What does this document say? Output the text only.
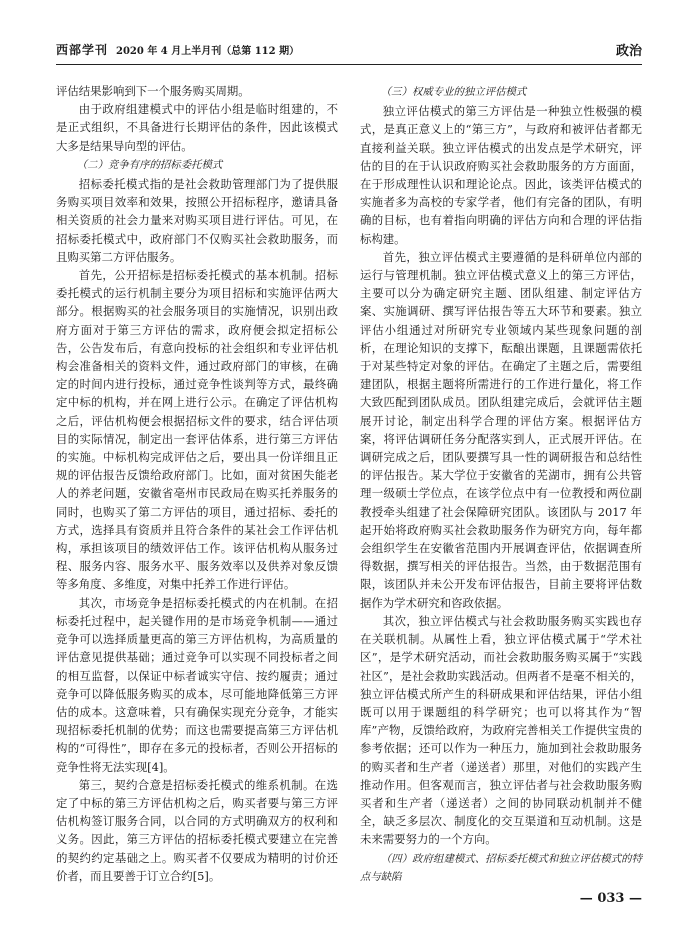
西部学刊 2020 年 4 月上半月刊（总第 112 期）	政治

评估结果影响到下一个服务购买周期。

由于政府组建模式中的评估小组是临时组建的，不是正式组织，不具备进行长期评估的条件，因此该模式大多是结果导向型的评估。

（二）竞争有序的招标委托模式

招标委托模式指的是社会救助管理部门为了提供服务购买项目效率和效果，按照公开招标程序，邀请具备相关资质的社会力量来对购买项目进行评估。可见，在招标委托模式中，政府部门不仅购买社会救助服务，而且购买第二方评估服务。

首先，公开招标是招标委托模式的基本机制。招标委托模式的运行机制主要分为项目招标和实施评估两大部分。根据购买的社会服务项目的实施情况，识别出政府方面对于第三方评估的需求，政府便会拟定招标公告，公告发布后，有意向投标的社会组织和专业评估机构会准备相关的资料文件，通过政府部门的审核，在确定的时间内进行投标，通过竞争性谈判等方式，最终确定中标的机构，并在网上进行公示。在确定了评估机构之后，评估机构便会根据招标文件的要求，结合评估项目的实际情况，制定出一套评估体系，进行第三方评估的实施。中标机构完成评估之后，要出具一份详细且正规的评估报告反馈给政府部门。比如，面对贫困失能老人的养老问题，安徽省亳州市民政局在购买托养服务的同时，也购买了第二方评估的项目，通过招标、委托的方式，选择具有资质并且符合条件的某社会工作评估机构，承担该项目的绩效评估工作。该评估机构从服务过程、服务内容、服务水平、服务效率以及供养对象反馈等多角度、多维度，对集中托养工作进行评估。

其次，市场竞争是招标委托模式的内在机制。在招标委托过程中，起关键作用的是市场竞争机制——通过竞争可以选择质量更高的第三方评估机构，为高质量的评估意见提供基础；通过竞争可以实现不同投标者之间的相互监督，以保证中标者诚实守信、按约履责；通过竞争可以降低服务购买的成本，尽可能地降低第三方评估的成本。这意味着，只有确保实现充分竞争，才能实现招标委托机制的优势；而这也需要提高第三方评估机构的“可得性”，即存在多元的投标者，否则公开招标的竞争性将无法实现[4]。

第三，契约合意是招标委托模式的维系机制。在选定了中标的第三方评估机构之后，购买者要与第三方评估机构签订服务合同，以合同的方式明确双方的权利和义务。因此，第三方评估的招标委托模式要建立在完善的契约约定基础之上。购买者不仅要成为精明的讨价还价者，而且要善于订立合约[5]。

（三）权威专业的独立评估模式

独立评估模式的第三方评估是一种独立性极强的模式，是真正意义上的“第三方”，与政府和被评估者都无直接利益关联。独立评估模式的出发点是学术研究，评估的目的在于认识政府购买社会救助服务的方方面面，在于形成理性认识和理论论点。因此，该类评估模式的实施者多为高校的专家学者，他们有完备的团队，有明确的目标，也有着指向明确的评估方向和合理的评估指标构建。

首先，独立评估模式主要遵循的是科研单位内部的运行与管理机制。独立评估模式意义上的第三方评估，主要可以分为确定研究主题、团队组建、制定评估方案、实施调研、撰写评估报告等五大环节和要素。独立评估小组通过对所研究专业领域内某些现象问题的剖析，在理论知识的支撑下，酝酿出课题，且课题需依托于对某些特定对象的评估。在确定了主题之后，需要组建团队，根据主题将所需进行的工作进行量化，将工作大致匹配到团队成员。团队组建完成后，会就评估主题展开讨论，制定出科学合理的评估方案。根据评估方案，将评估调研任务分配落实到人，正式展开评估。在调研完成之后，团队要撰写具一性的调研报告和总结性的评估报告。某大学位于安徽省的芜湖市，拥有公共管理一级硕士学位点，在该学位点中有一位教授和两位副教授牵头组建了社会保障研究团队。该团队与 2017 年起开始将政府购买社会救助服务作为研究方向，每年都会组织学生在安徽省范围内开展调查评估，依据调查所得数据，撰写相关的评估报告。当然，由于数据范围有限，该团队并未公开发布评估报告，目前主要将评估数据作为学术研究和咨政依据。

其次，独立评估模式与社会救助服务购买实践也存在关联机制。从属性上看，独立评估模式属于“学术社区”，是学术研究活动，而社会救助服务购买属于“实践社区”，是社会救助实践活动。但两者不是毫不相关的，独立评估模式所产生的科研成果和评估结果，评估小组既可以用于课题组的科学研究；也可以将其作为“智库”产物，反馈给政府，为政府完善相关工作提供宝贵的参考依据；还可以作为一种压力，施加到社会救助服务的购买者和生产者（递送者）那里，对他们的实践产生推动作用。但客观而言，独立评估者与社会救助服务购买者和生产者（递送者）之间的协同联动机制并不健全，缺乏多层次、制度化的交互渠道和互动机制。这是未来需要努力的一个方向。

（四）政府组建模式、招标委托模式和独立评估模式的特点与缺陷

— 033 —
